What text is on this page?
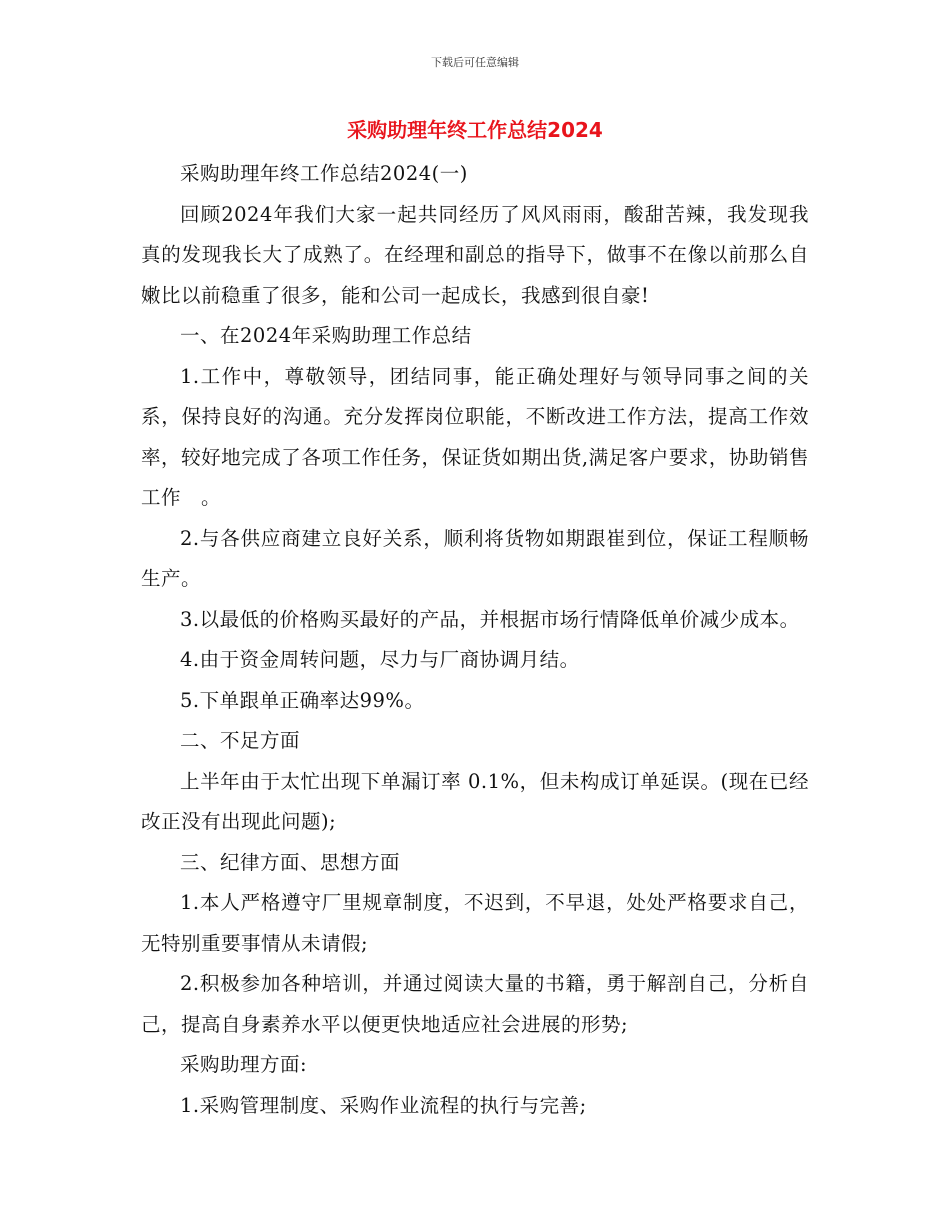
下载后可任意编辑
采购助理年终工作总结2024

采购助理年终工作总结2024(一)

回顾2024年我们大家一起共同经历了风风雨雨，酸甜苦辣，我发现我真的发现我长大了成熟了。在经理和副总的指导下，做事不在像以前那么自嫩比以前稳重了很多，能和公司一起成长，我感到很自豪!

一、在2024年采购助理工作总结

1.工作中，尊敬领导，团结同事，能正确处理好与领导同事之间的关系，保持良好的沟通。充分发挥岗位职能，不断改进工作方法，提高工作效率，较好地完成了各项工作任务，保证货如期出货,满足客户要求，协助销售工作　。

2.与各供应商建立良好关系，顺利将货物如期跟崔到位，保证工程顺畅生产。

3.以最低的价格购买最好的产品，并根据市场行情降低单价减少成本。

4.由于资金周转问题，尽力与厂商协调月结。

5.下单跟单正确率达99%。

二、不足方面

上半年由于太忙出现下单漏订率 0.1%，但未构成订单延误。(现在已经改正没有出现此问题);

三、纪律方面、思想方面

1.本人严格遵守厂里规章制度，不迟到，不早退，处处严格要求自己，无特别重要事情从未请假;

2.积极参加各种培训，并通过阅读大量的书籍，勇于解剖自己，分析自己，提高自身素养水平以便更快地适应社会进展的形势;

采购助理方面:

1.采购管理制度、采购作业流程的执行与完善;
